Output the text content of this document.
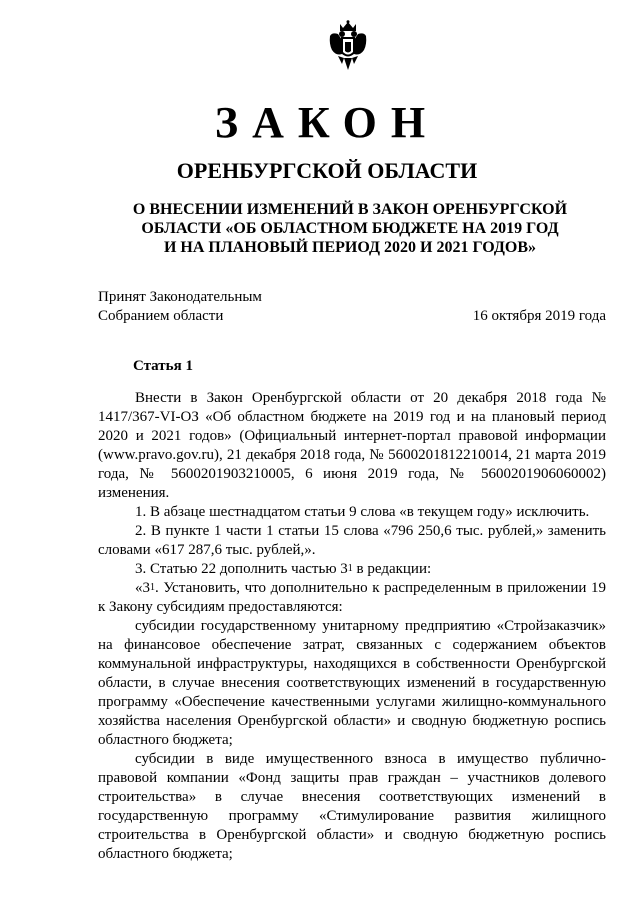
ЗАКОН
ОРЕНБУРГСКОЙ ОБЛАСТИ
О ВНЕСЕНИИ ИЗМЕНЕНИЙ В ЗАКОН ОРЕНБУРГСКОЙ
ОБЛАСТИ «ОБ ОБЛАСТНОМ БЮДЖЕТЕ НА 2019 ГОД
И НА ПЛАНОВЫЙ ПЕРИОД 2020 И 2021 ГОДОВ»
Принят Законодательным
Собранием области	16 октября 2019 года
Статья 1

Внести в Закон Оренбургской области от 20 декабря 2018 года № 1417/367-VI-ОЗ «Об областном бюджете на 2019 год и на плановый период 2020 и 2021 годов» (Официальный интернет-портал правовой информации (www.pravo.gov.ru), 21 декабря 2018 года, № 5600201812210014, 21 марта 2019 года, № 5600201903210005, 6 июня 2019 года, № 5600201906060002) изменения.

1. В абзаце шестнадцатом статьи 9 слова «в текущем году» исключить.

2. В пункте 1 части 1 статьи 15 слова «796 250,6 тыс. рублей,» заменить словами «617 287,6 тыс. рублей,».

3. Статью 22 дополнить частью $3^1$ в редакции:

«$3^1$. Установить, что дополнительно к распределенным в приложении 19 к Закону субсидиям предоставляются:

субсидии государственному унитарному предприятию «Стройзаказчик» на финансовое обеспечение затрат, связанных с содержанием объектов коммунальной инфраструктуры, находящихся в собственности Оренбургской области, в случае внесения соответствующих изменений в государственную программу «Обеспечение качественными услугами жилищно-коммунального хозяйства населения Оренбургской области» и сводную бюджетную роспись областного бюджета;

субсидии в виде имущественного взноса в имущество публично-правовой компании «Фонд защиты прав граждан – участников долевого строительства» в случае внесения соответствующих изменений в государственную программу «Стимулирование развития жилищного строительства в Оренбургской области» и сводную бюджетную роспись областного бюджета;
